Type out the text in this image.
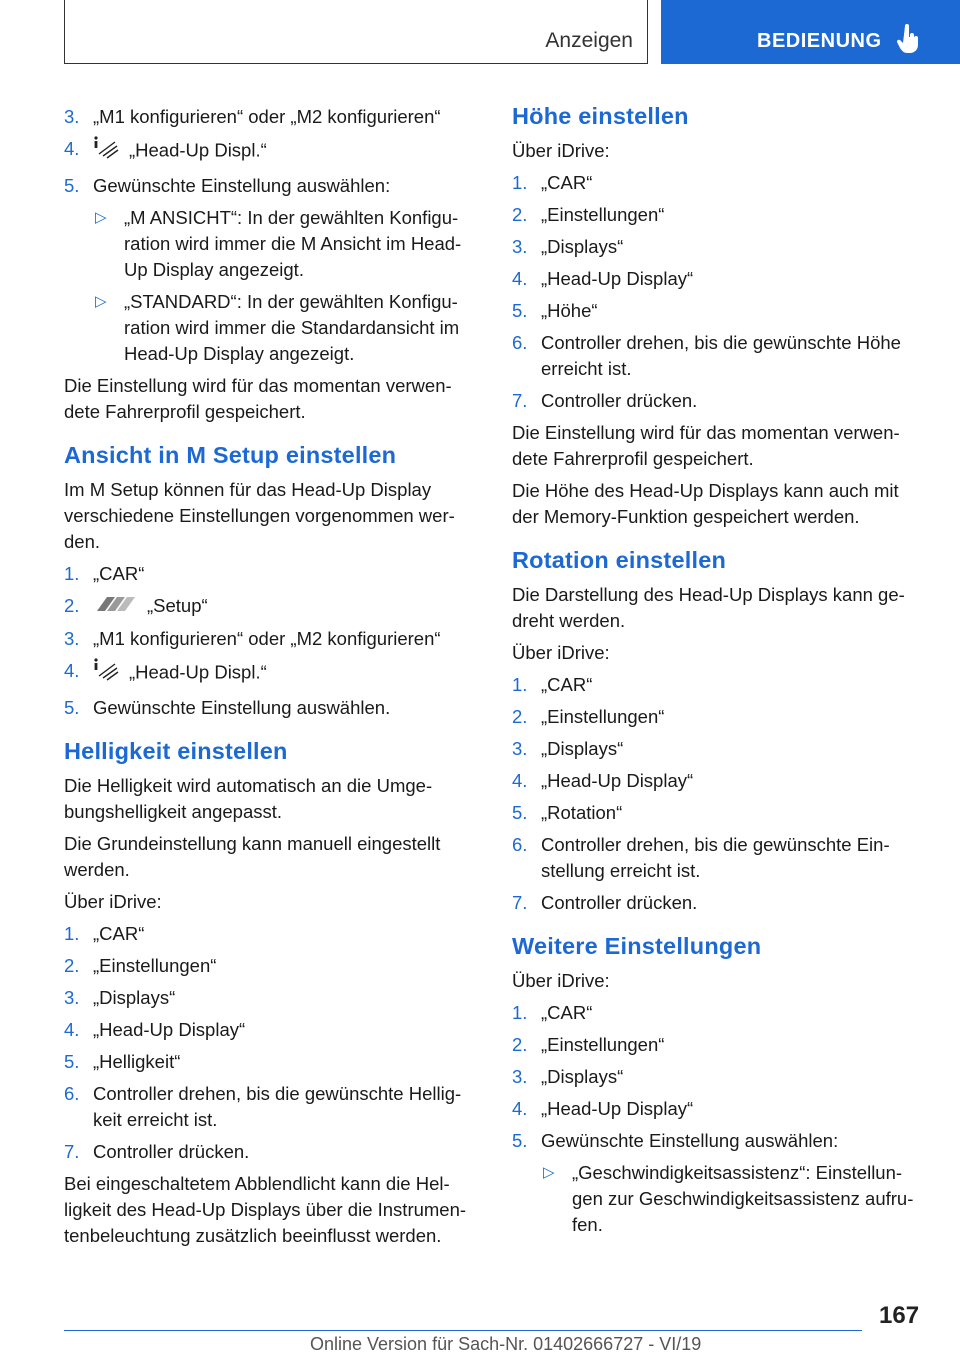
Anzeigen	BEDIENUNG
3. „M1 konfigurieren“ oder „M2 konfigurieren“
4.	„Head-Up Displ.“
5. Gewünschte Einstellung auswählen:
▷ „M ANSICHT“: In der gewählten Konfiguration wird immer die M Ansicht im Head-Up Display angezeigt.
▷ „STANDARD“: In der gewählten Konfiguration wird immer die Standardansicht im Head-Up Display angezeigt.

Die Einstellung wird für das momentan verwendete Fahrerprofil gespeichert.

Ansicht in M Setup einstellen

Im M Setup können für das Head-Up Display verschiedene Einstellungen vorgenommen werden.

1. „CAR“
2.	„Setup“
3. „M1 konfigurieren“ oder „M2 konfigurieren“
4.	„Head-Up Displ.“
5. Gewünschte Einstellung auswählen.
Helligkeit einstellen

Die Helligkeit wird automatisch an die Umgebungshelligkeit angepasst.

Die Grundeinstellung kann manuell eingestellt werden.

Über iDrive:

1. „CAR“
2. „Einstellungen“
3. „Displays“
4. „Head-Up Display“
5. „Helligkeit“
6. Controller drehen, bis die gewünschte Helligkeit erreicht ist.
7. Controller drücken.

Bei eingeschaltetem Abblendlicht kann die Helligkeit des Head-Up Displays über die Instrumentenbeleuchtung zusätzlich beeinflusst werden.

Höhe einstellen

Über iDrive:

1. „CAR“
2. „Einstellungen“
3. „Displays“
4. „Head-Up Display“
5. „Höhe“
6. Controller drehen, bis die gewünschte Höhe erreicht ist.
7. Controller drücken.

Die Einstellung wird für das momentan verwendete Fahrerprofil gespeichert.

Die Höhe des Head-Up Displays kann auch mit der Memory-Funktion gespeichert werden.

Rotation einstellen

Die Darstellung des Head-Up Displays kann gedreht werden.

Über iDrive:

1. „CAR“
2. „Einstellungen“
3. „Displays“
4. „Head-Up Display“
5. „Rotation“
6. Controller drehen, bis die gewünschte Einstellung erreicht ist.
7. Controller drücken.
Weitere Einstellungen

Über iDrive:

1. „CAR“
2. „Einstellungen“
3. „Displays“
4. „Head-Up Display“
5. Gewünschte Einstellung auswählen:
▷ „Geschwindigkeitsassistenz“: Einstellungen zur Geschwindigkeitsassistenz aufrufen.
167
Online Version für Sach-Nr. 01402666727 - VI/19
